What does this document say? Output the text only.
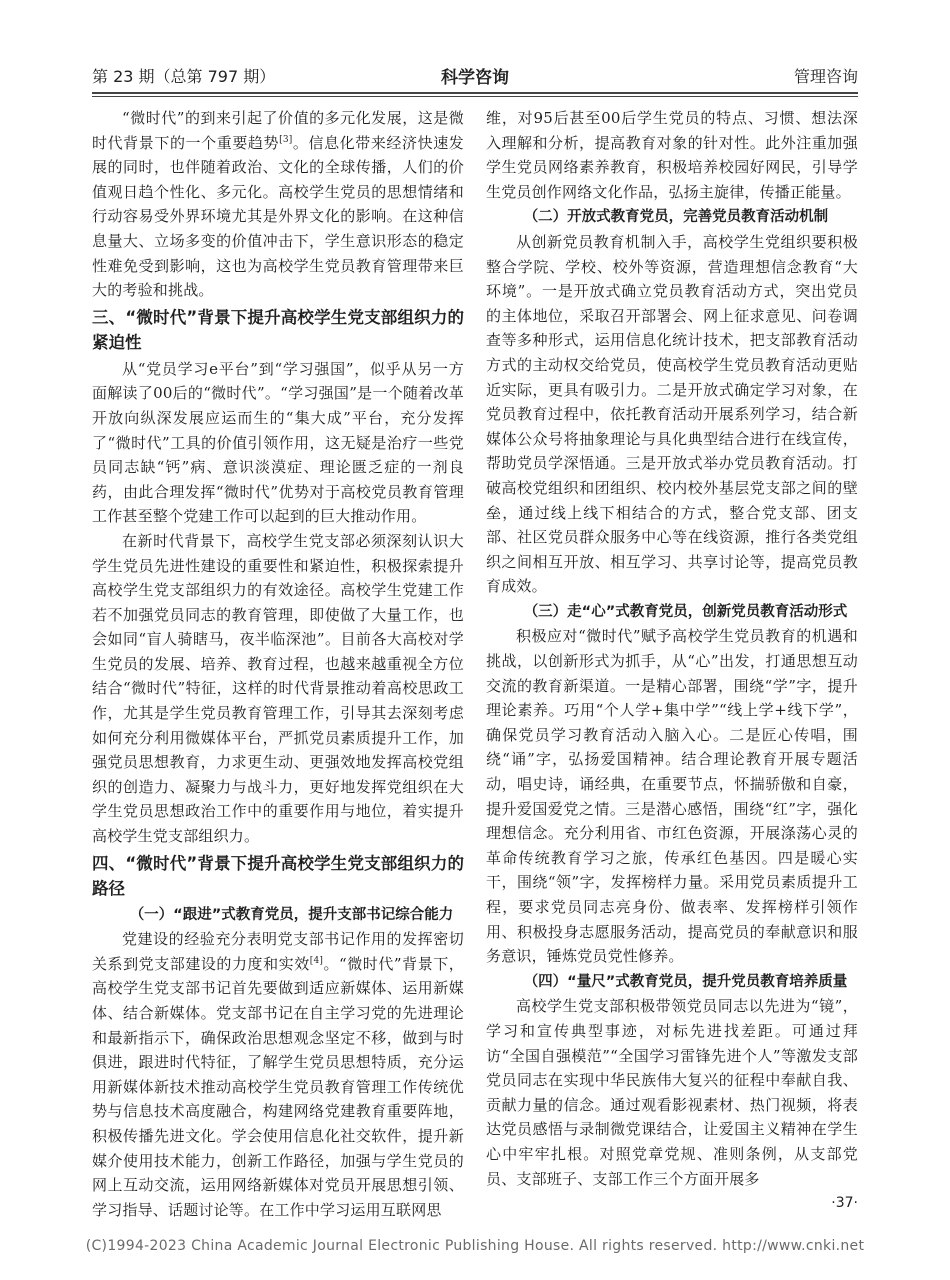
第 23 期（总第 797 期）	科学咨询	管理咨询

“微时代”的到来引起了价值的多元化发展，这是微时代背景下的一个重要趋势[3]。信息化带来经济快速发展的同时，也伴随着政治、文化的全球传播，人们的价值观日趋个性化、多元化。高校学生党员的思想情绪和行动容易受外界环境尤其是外界文化的影响。在这种信息量大、立场多变的价值冲击下，学生意识形态的稳定性难免受到影响，这也为高校学生党员教育管理带来巨大的考验和挑战。

三、“微时代”背景下提升高校学生党支部组织力的紧迫性

从“党员学习e平台”到“学习强国”，似乎从另一方面解读了00后的“微时代”。“学习强国”是一个随着改革开放向纵深发展应运而生的“集大成”平台，充分发挥了“微时代”工具的价值引领作用，这无疑是治疗一些党员同志缺“钙”病、意识淡漠症、理论匮乏症的一剂良药，由此合理发挥“微时代”优势对于高校党员教育管理工作甚至整个党建工作可以起到的巨大推动作用。

在新时代背景下，高校学生党支部必须深刻认识大学生党员先进性建设的重要性和紧迫性，积极探索提升高校学生党支部组织力的有效途径。高校学生党建工作若不加强党员同志的教育管理，即使做了大量工作，也会如同“盲人骑瞎马，夜半临深池”。目前各大高校对学生党员的发展、培养、教育过程，也越来越重视全方位结合“微时代”特征，这样的时代背景推动着高校思政工作，尤其是学生党员教育管理工作，引导其去深刻考虑如何充分利用微媒体平台，严抓党员素质提升工作，加强党员思想教育，力求更生动、更强效地发挥高校党组织的创造力、凝聚力与战斗力，更好地发挥党组织在大学生党员思想政治工作中的重要作用与地位，着实提升高校学生党支部组织力。

四、“微时代”背景下提升高校学生党支部组织力的路径
（一）“跟进”式教育党员，提升支部书记综合能力

党建设的经验充分表明党支部书记作用的发挥密切关系到党支部建设的力度和实效[4]。“微时代”背景下，高校学生党支部书记首先要做到适应新媒体、运用新媒体、结合新媒体。党支部书记在自主学习党的先进理论和最新指示下，确保政治思想观念坚定不移，做到与时俱进，跟进时代特征，了解学生党员思想特质，充分运用新媒体新技术推动高校学生党员教育管理工作传统优势与信息技术高度融合，构建网络党建教育重要阵地，积极传播先进文化。学会使用信息化社交软件，提升新媒介使用技术能力，创新工作路径，加强与学生党员的网上互动交流，运用网络新媒体对党员开展思想引领、学习指导、话题讨论等。在工作中学习运用互联网思

维，对95后甚至00后学生党员的特点、习惯、想法深入理解和分析，提高教育对象的针对性。此外注重加强学生党员网络素养教育，积极培养校园好网民，引导学生党员创作网络文化作品，弘扬主旋律，传播正能量。

（二）开放式教育党员，完善党员教育活动机制

从创新党员教育机制入手，高校学生党组织要积极整合学院、学校、校外等资源，营造理想信念教育“大环境”。一是开放式确立党员教育活动方式，突出党员的主体地位，采取召开部署会、网上征求意见、问卷调查等多种形式，运用信息化统计技术，把支部教育活动方式的主动权交给党员，使高校学生党员教育活动更贴近实际，更具有吸引力。二是开放式确定学习对象，在党员教育过程中，依托教育活动开展系列学习，结合新媒体公众号将抽象理论与具化典型结合进行在线宣传，帮助党员学深悟通。三是开放式举办党员教育活动。打破高校党组织和团组织、校内校外基层党支部之间的壁垒，通过线上线下相结合的方式，整合党支部、团支部、社区党员群众服务中心等在线资源，推行各类党组织之间相互开放、相互学习、共享讨论等，提高党员教育成效。

（三）走“心”式教育党员，创新党员教育活动形式

积极应对“微时代”赋予高校学生党员教育的机遇和挑战，以创新形式为抓手，从“心”出发，打通思想互动交流的教育新渠道。一是精心部署，围绕“学”字，提升理论素养。巧用“个人学+集中学”“线上学+线下学”，确保党员学习教育活动入脑入心。二是匠心传唱，围绕“诵”字，弘扬爱国精神。结合理论教育开展专题活动，唱史诗，诵经典，在重要节点，怀揣骄傲和自豪，提升爱国爱党之情。三是潜心感悟，围绕“红”字，强化理想信念。充分利用省、市红色资源，开展涤荡心灵的革命传统教育学习之旅，传承红色基因。四是暖心实干，围绕“领”字，发挥榜样力量。采用党员素质提升工程，要求党员同志亮身份、做表率、发挥榜样引领作用、积极投身志愿服务活动，提高党员的奉献意识和服务意识，锤炼党员党性修养。

（四）“量尺”式教育党员，提升党员教育培养质量

高校学生党支部积极带领党员同志以先进为“镜”，学习和宣传典型事迹，对标先进找差距。可通过拜访“全国自强模范”“全国学习雷锋先进个人”等激发支部党员同志在实现中华民族伟大复兴的征程中奉献自我、贡献力量的信念。通过观看影视素材、热门视频，将表达党员感悟与录制微党课结合，让爱国主义精神在学生心中牢牢扎根。对照党章党规、准则条例，从支部党员、支部班子、支部工作三个方面开展多

·37·
(C)1994-2023 China Academic Journal Electronic Publishing House. All rights reserved. http://www.cnki.net
